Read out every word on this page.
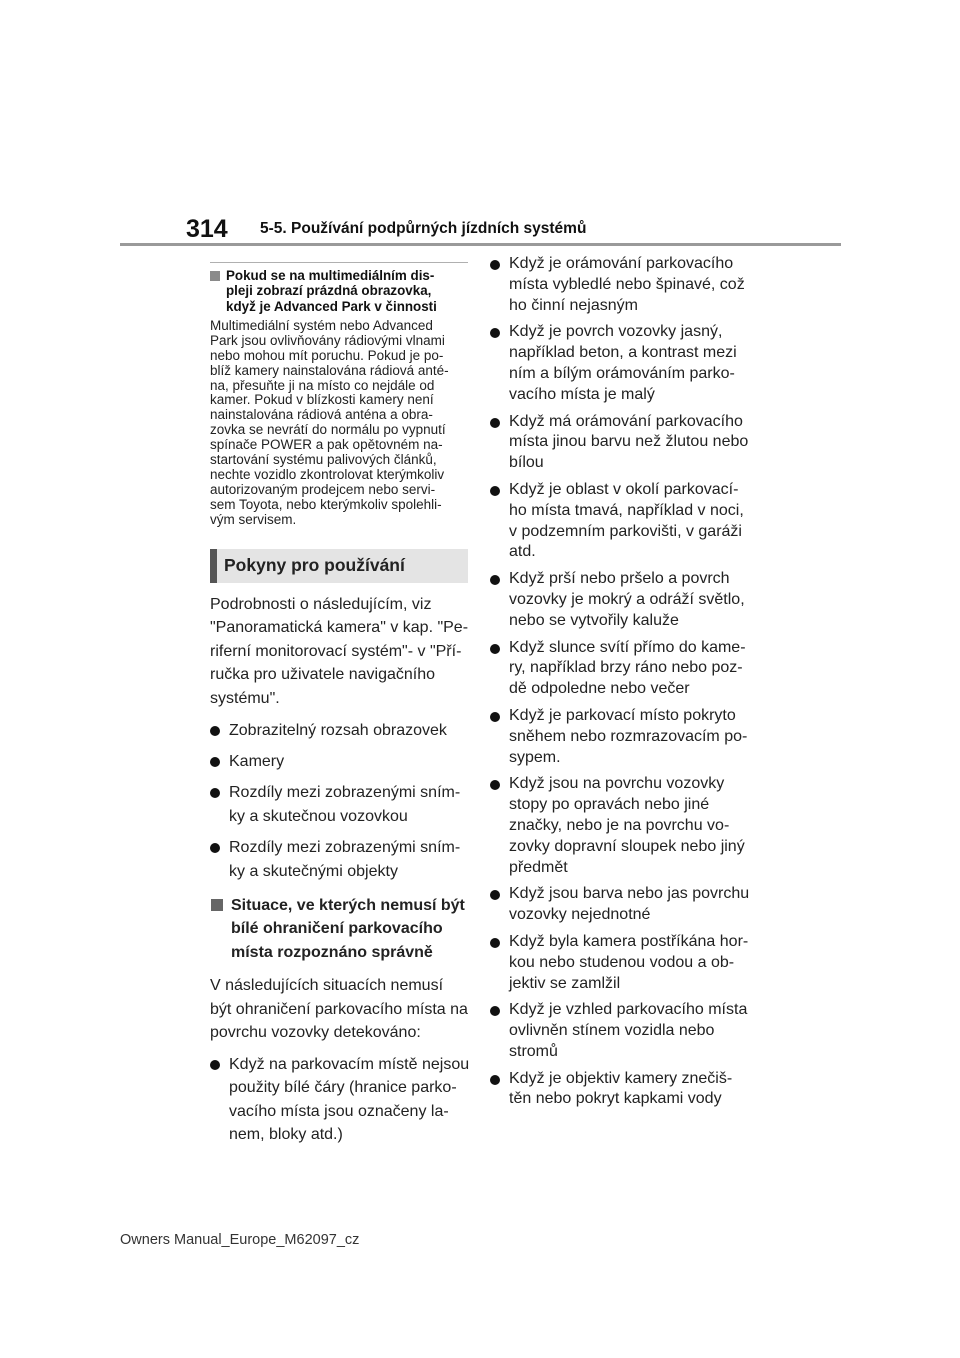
314 5-5. Používání podpůrných jízdních systémů
Pokud se na multimediálním dis-
pleji zobrazí prázdná obrazovka,
když je Advanced Park v činnosti
Multimediální systém nebo Advanced
Park jsou ovlivňovány rádiovými vlnami
nebo mohou mít poruchu. Pokud je po-
blíž kamery nainstalována rádiová anté-
na, přesuňte ji na místo co nejdále od
kamer. Pokud v blízkosti kamery není
nainstalována rádiová anténa a obra-
zovka se nevrátí do normálu po vypnutí
spínače POWER a pak opětovném na-
startování systému palivových článků,
nechte vozidlo zkontrolovat kterýmkoliv
autorizovaným prodejcem nebo servi-
sem Toyota, nebo kterýmkoliv spolehli-
vým servisem.
Pokyny pro používání
Podrobnosti o následujícím, viz
"Panoramatická kamera" v kap. "Pe-
riferní monitorovací systém"- v "Pří-
ručka pro uživatele navigačního
systému".
Zobrazitelný rozsah obrazovek
Kamery
Rozdíly mezi zobrazenými sním-
ky a skutečnou vozovkou
Rozdíly mezi zobrazenými sním-
ky a skutečnými objekty
Situace, ve kterých nemusí být
bílé ohraničení parkovacího
místa rozpoznáno správně
V následujících situacích nemusí
být ohraničení parkovacího místa na
povrchu vozovky detekováno:
Když na parkovacím místě nejsou
použity bílé čáry (hranice parko-
vacího místa jsou označeny la-
nem, bloky atd.)
Když je orámování parkovacího
místa vybledlé nebo špinavé, což
ho činní nejasným
Když je povrch vozovky jasný,
například beton, a kontrast mezi
ním a bílým orámováním parko-
vacího místa je malý
Když má orámování parkovacího
místa jinou barvu než žlutou nebo
bílou
Když je oblast v okolí parkovací-
ho místa tmavá, například v noci,
v podzemním parkovišti, v garáži
atd.
Když prší nebo pršelo a povrch
vozovky je mokrý a odráží světlo,
nebo se vytvořily kaluže
Když slunce svítí přímo do kame-
ry, například brzy ráno nebo poz-
dě odpoledne nebo večer
Když je parkovací místo pokryto
sněhem nebo rozmrazovacím po-
sypem.
Když jsou na povrchu vozovky
stopy po opravách nebo jiné
značky, nebo je na povrchu vo-
zovky dopravní sloupek nebo jiný
předmět
Když jsou barva nebo jas povrchu
vozovky nejednotné
Když byla kamera postříkána hor-
kou nebo studenou vodou a ob-
jektiv se zamlžil
Když je vzhled parkovacího místa
ovlivněn stínem vozidla nebo
stromů
Když je objektiv kamery znečiš-
těn nebo pokryt kapkami vody
Owners Manual_Europe_M62097_cz
